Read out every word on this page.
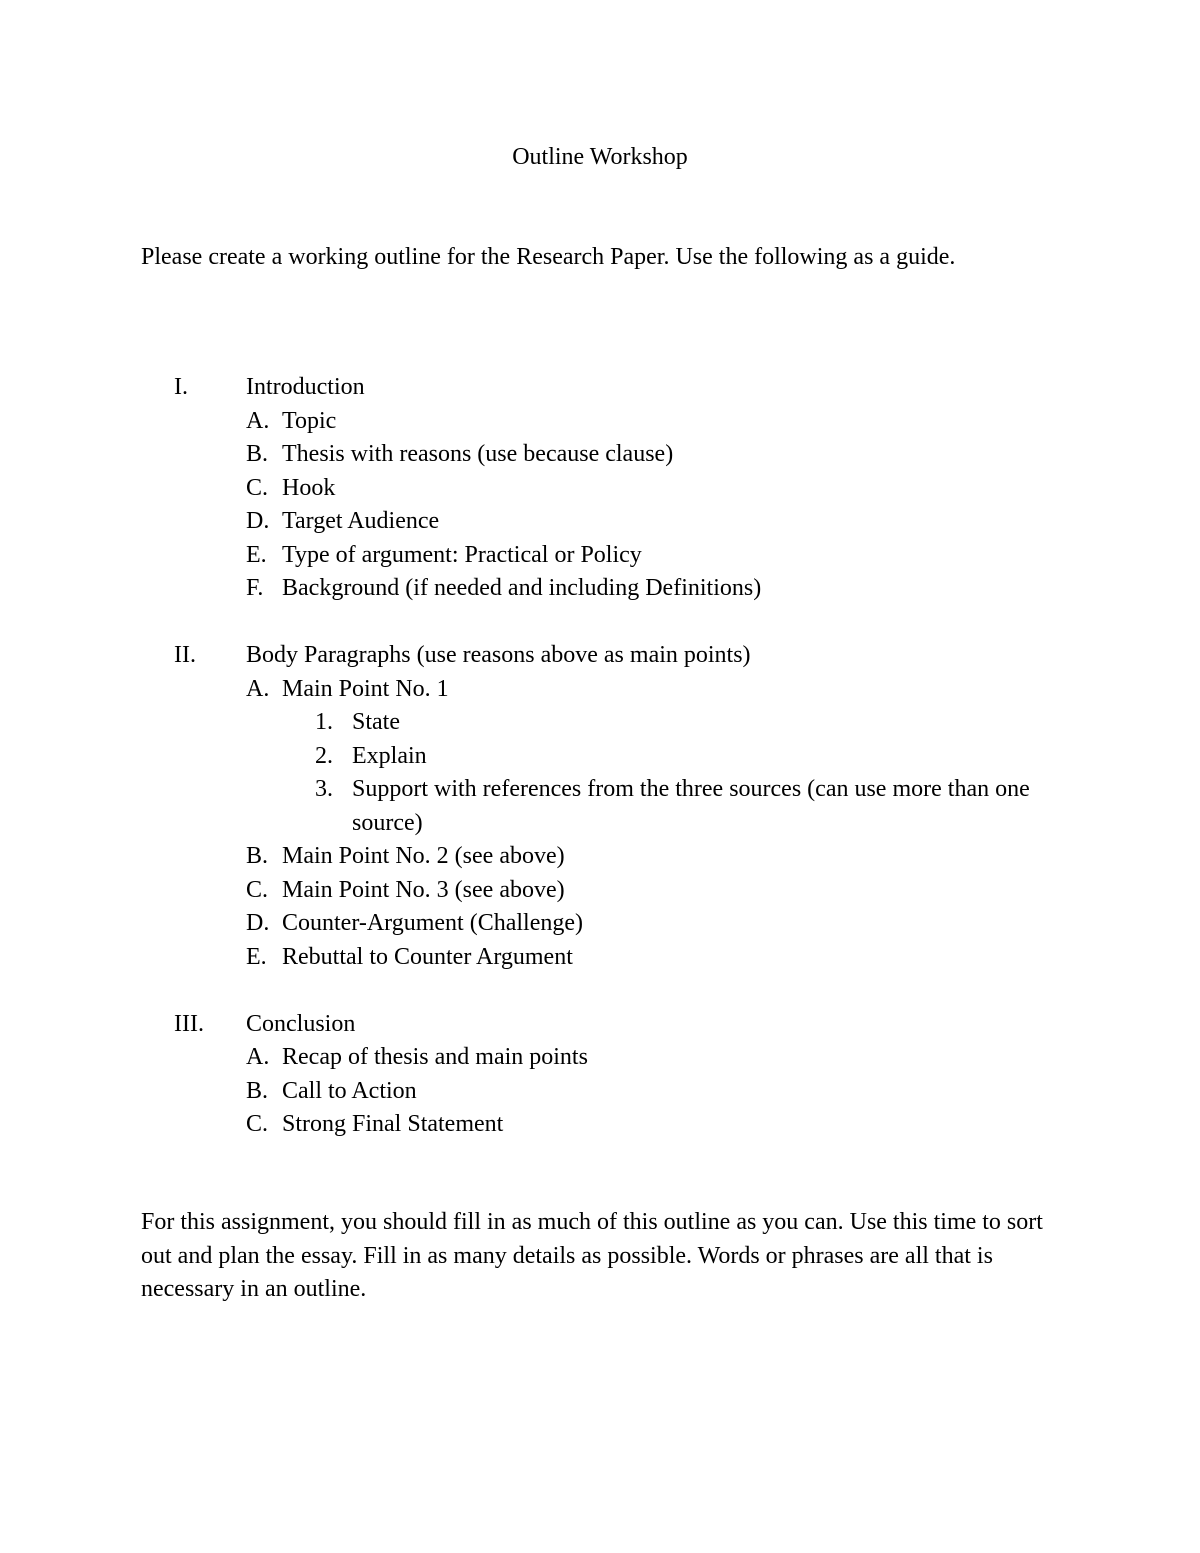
Outline Workshop

Please create a working outline for the Research Paper. Use the following as a guide.

I. Introduction
A. Topic
B. Thesis with reasons (use because clause)
C. Hook
D. Target Audience
E. Type of argument: Practical or Policy
F. Background (if needed and including Definitions)
II. Body Paragraphs (use reasons above as main points)
A. Main Point No. 1
1. State
2. Explain
3. Support with references from the three sources (can use more than one source)
B. Main Point No. 2 (see above)
C. Main Point No. 3 (see above)
D. Counter-Argument (Challenge)
E. Rebuttal to Counter Argument
III. Conclusion
A. Recap of thesis and main points
B. Call to Action
C. Strong Final Statement

For this assignment, you should fill in as much of this outline as you can. Use this time to sort out and plan the essay. Fill in as many details as possible. Words or phrases are all that is necessary in an outline.
